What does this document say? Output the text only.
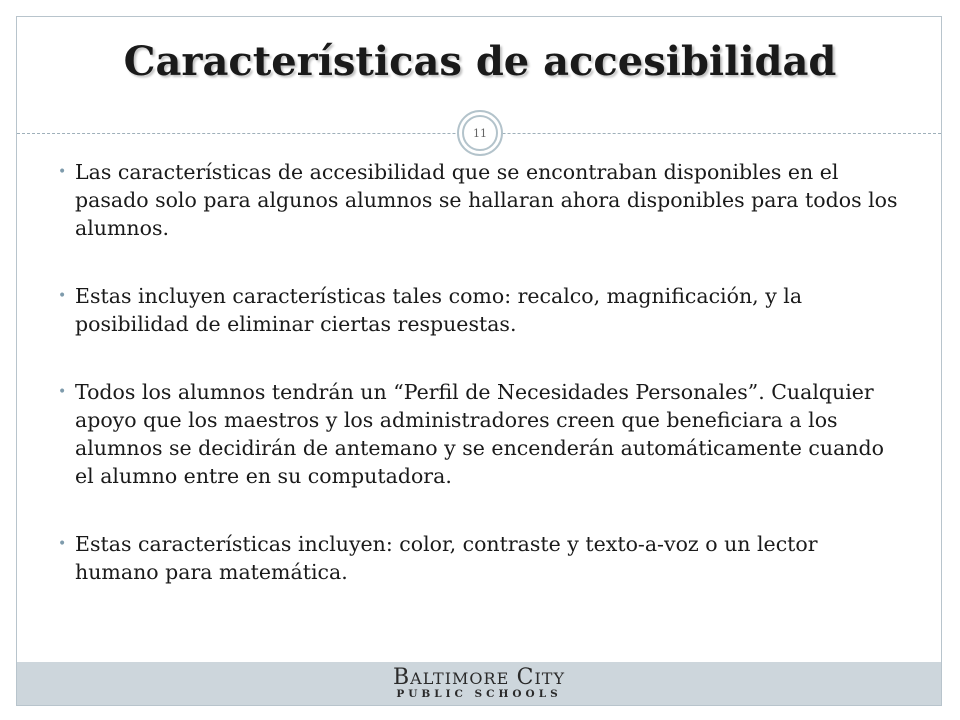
Características de accesibilidad
11
• Las características de accesibilidad que se encontraban disponibles en el pasado solo para algunos alumnos se hallaran ahora disponibles para todos los alumnos.
• Estas incluyen características tales como: recalco, magnificación, y la posibilidad de eliminar ciertas respuestas.
• Todos los alumnos tendrán un “Perfil de Necesidades Personales”. Cualquier apoyo que los maestros y los administradores creen que beneficiara a los alumnos se decidirán de antemano y se encenderán automáticamente cuando el alumno entre en su computadora.
• Estas características incluyen: color, contraste y texto-a-voz o un lector humano para matemática.
BALTIMORE CITY
PUBLIC SCHOOLS
